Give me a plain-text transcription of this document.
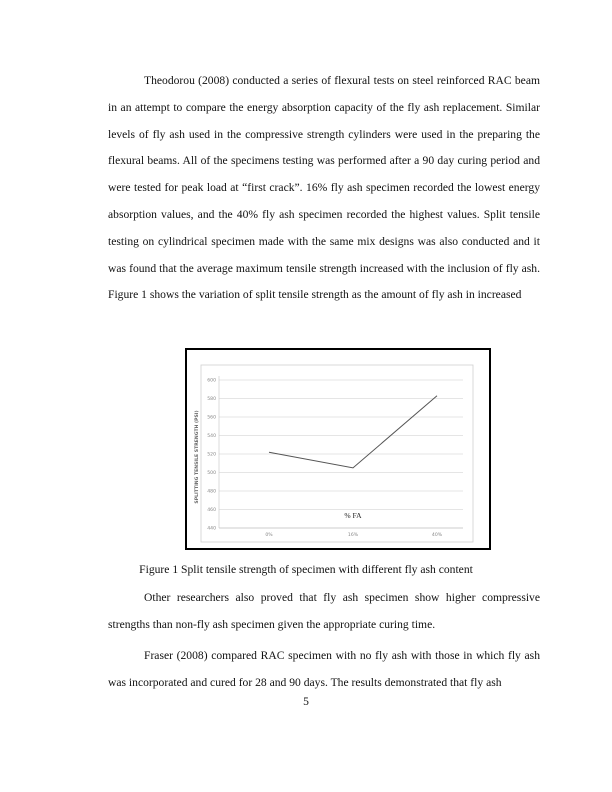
Theodorou (2008) conducted a series of flexural tests on steel reinforced RAC beam in an attempt to compare the energy absorption capacity of the fly ash replacement. Similar levels of fly ash used in the compressive strength cylinders were used in the preparing the flexural beams. All of the specimens testing was performed after a 90 day curing period and were tested for peak load at “first crack”. 16% fly ash specimen recorded the lowest energy absorption values, and the 40% fly ash specimen recorded the highest values. Split tensile testing on cylindrical specimen made with the same mix designs was also conducted and it was found that the average maximum tensile strength increased with the inclusion of fly ash. Figure 1 shows the variation of split tensile strength as the amount of fly ash in increased

440
460
480
500
520
540
560
580
600
0%	16%	40%
SPLITTING TENSILE STRENGTH (PSI)
% FA

Figure 1 Split tensile strength of specimen with different fly ash content

Other researchers also proved that fly ash specimen show higher compressive strengths than non-fly ash specimen given the appropriate curing time.

Fraser (2008) compared RAC specimen with no fly ash with those in which fly ash was incorporated and cured for 28 and 90 days. The results demonstrated that fly ash

5
